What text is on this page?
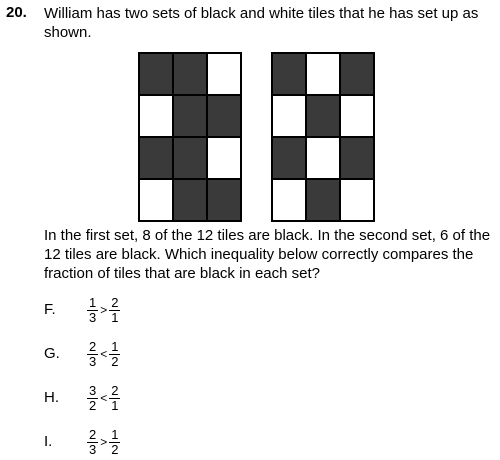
20. William has two sets of black and white tiles that he has set up as shown.
In the first set, 8 of the 12 tiles are black. In the second set, 6 of the 12 tiles are black. Which inequality below correctly compares the fraction of tiles that are black in each set?
F. $\frac{1}{3} > \frac{2}{1}$
G. $\frac{2}{3} < \frac{1}{2}$
H. $\frac{3}{2} < \frac{2}{1}$
I.	$\frac{2}{3} > \frac{1}{2}$
